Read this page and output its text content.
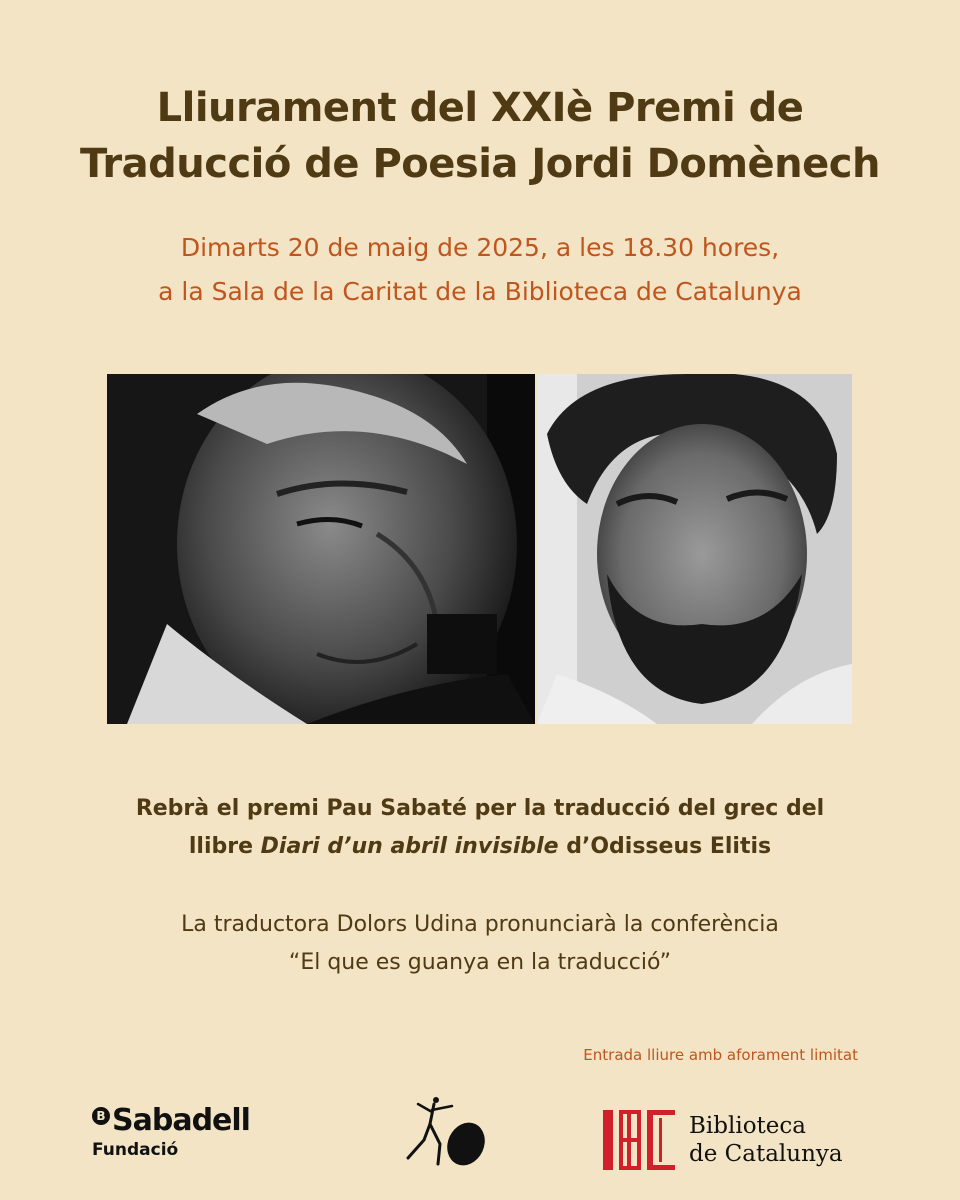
Lliurament del XXIè Premi de
Traducció de Poesia Jordi Domènech
Dimarts 20 de maig de 2025, a les 18.30 hores,
a la Sala de la Caritat de la Biblioteca de Catalunya
Rebrà el premi Pau Sabaté per la traducció del grec del
llibre Diari d’un abril invisible d’Odisseus Elitis
La traductora Dolors Udina pronunciarà la conferència
“El que es guanya en la traducció”
Entrada lliure amb aforament limitat
B Sabadell
Fundació
Biblioteca
de Catalunya
